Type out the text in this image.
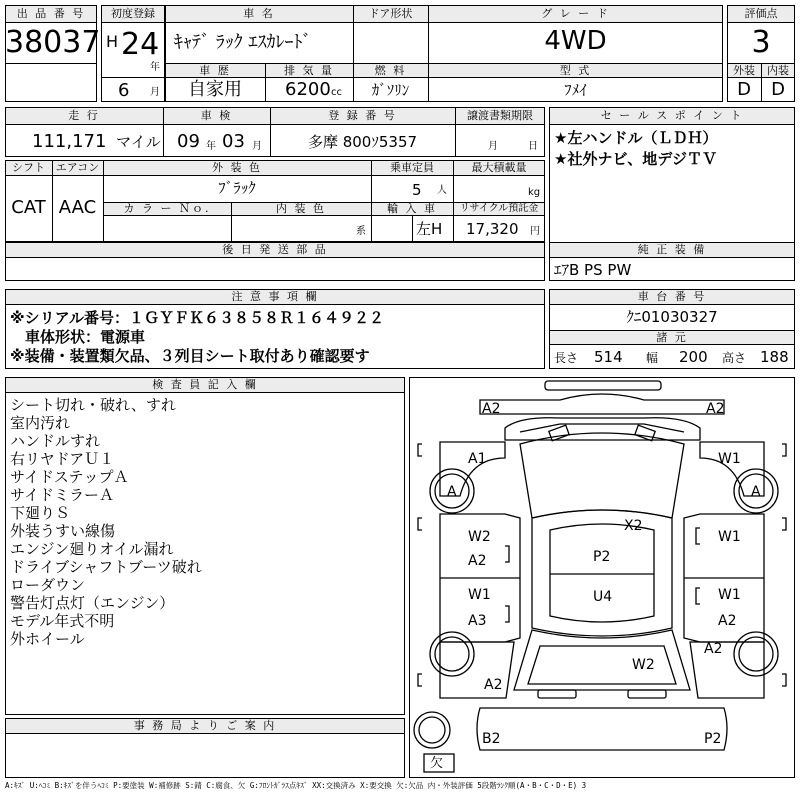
出 品 番 号
38037
初度登録
H 24
年
6 月
車 名
ｷｬﾃﾞ ﾗｯｸ ｴｽｶﾚｰﾄﾞ
ドア形状	グ レ ー ド
4WD
車 歴
自家用
排 気 量
6200 cc
燃 料
ｶﾞｿﾘﾝ
型 式
ﾌﾒｲ
評価点
3
外装	内装
D	D
走 行
111,171 マイル
車 検
09 年 03 月
登 録 番 号
多摩 800ｿ5357
譲渡書類期限
月	日
セ ー ル ス ポ イ ン ト
★左ハンドル（ＬＤＨ）
★社外ナビ、地デジＴＶ
シフト エアコン
CAT AAC
外 装 色
ﾌﾞﾗｯｸ
乗車定員
5 人
最大積載量
kg
カ ラ ー Ｎｏ.	内 装 色
系
輸 入 車
左H
リサイクル預託金
17,320 円
後 日 発 送 部 品	純 正 装 備
ｴｱB PS PW
注 意 事 項 欄
※シリアル番号：１ＧＹＦＫ６３８５８Ｒ１６４９２２
　車体形状：電源車
※装備・装置類欠品、３列目シート取付あり確認要す
車 台 番 号
ｸﾆ01030327
諸 元
長さ 514 幅 200 高さ 188
検 査 員 記 入 欄
シート切れ・破れ、すれ
室内汚れ
ハンドルすれ
右リヤドアＵ１
サイドステップＡ
サイドミラーＡ
下廻りＳ
外装うすい線傷
エンジン廻りオイル漏れ
ドライブシャフトブーツ破れ
ローダウン
警告灯点灯（エンジン）
モデル年式不明
外ホイール
事 務 局 よ り ご 案 内
A2	A2
A1	W1
A	A
X2
W2
A2
W1
P2
W1
A3
W1
A2
U4
A2
W2
A2
B2	P2
欠
A:ｷｽﾞ U:ﾍｺﾐ B:ｷｽﾞを伴うﾍｺﾐ P:要塗装 W:補修跡 S:錆 C:腐食、欠 G:ﾌﾛﾝﾄｶﾞﾗｽ点ｷｽﾞ XX:交換済み X:要交換 欠:欠品 内・外装評価 5段階ﾗﾝｸ順(A・B・C・D・E) 3
